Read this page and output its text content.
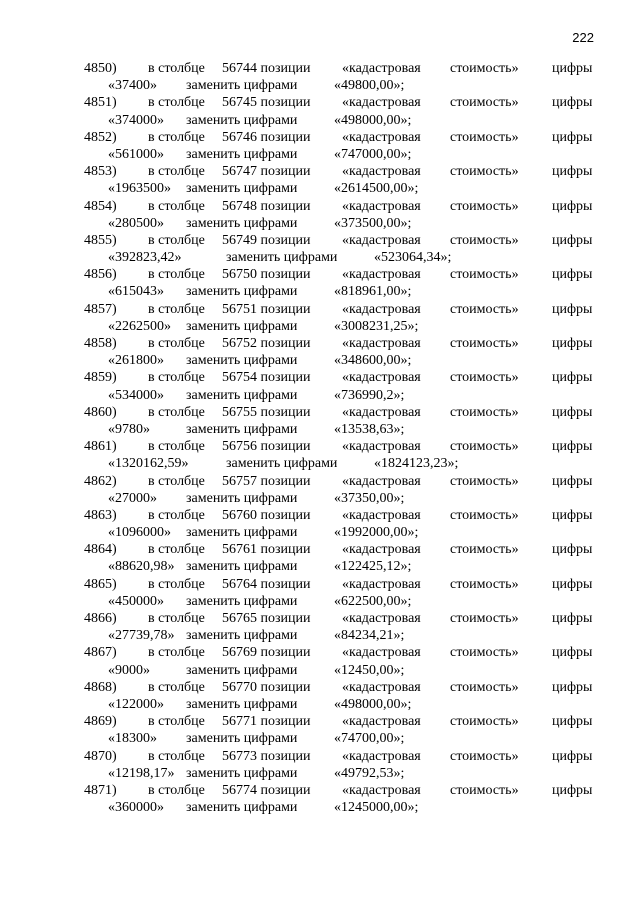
222
4850) в столбце 56744 позиции «кадастровая стоимость» цифры
«37400» заменить цифрами	«49800,00»;
4851) в столбце 56745 позиции «кадастровая стоимость» цифры
«374000» заменить цифрами	«498000,00»;
4852) в столбце 56746 позиции «кадастровая стоимость» цифры
«561000» заменить цифрами	«747000,00»;
4853) в столбце 56747 позиции «кадастровая стоимость» цифры
«1963500» заменить цифрами	«2614500,00»;
4854) в столбце 56748 позиции «кадастровая стоимость» цифры
«280500» заменить цифрами	«373500,00»;
4855) в столбце 56749 позиции «кадастровая стоимость» цифры
«392823,42»	заменить цифрами	«523064,34»;
4856) в столбце 56750 позиции «кадастровая стоимость» цифры
«615043» заменить цифрами	«818961,00»;
4857) в столбце 56751 позиции «кадастровая стоимость» цифры
«2262500» заменить цифрами	«3008231,25»;
4858) в столбце 56752 позиции «кадастровая стоимость» цифры
«261800» заменить цифрами	«348600,00»;
4859) в столбце 56754 позиции «кадастровая стоимость» цифры
«534000» заменить цифрами	«736990,2»;
4860) в столбце 56755 позиции «кадастровая стоимость» цифры
«9780»	заменить цифрами	«13538,63»;
4861) в столбце 56756 позиции «кадастровая стоимость» цифры
«1320162,59»	заменить цифрами	«1824123,23»;
4862) в столбце 56757 позиции «кадастровая стоимость» цифры
«27000» заменить цифрами	«37350,00»;
4863) в столбце 56760 позиции «кадастровая стоимость» цифры
«1096000» заменить цифрами	«1992000,00»;
4864) в столбце 56761 позиции «кадастровая стоимость» цифры
«88620,98» заменить цифрами	«122425,12»;
4865) в столбце 56764 позиции «кадастровая стоимость» цифры
«450000» заменить цифрами	«622500,00»;
4866) в столбце 56765 позиции «кадастровая стоимость» цифры
«27739,78» заменить цифрами	«84234,21»;
4867) в столбце 56769 позиции «кадастровая стоимость» цифры
«9000»	заменить цифрами	«12450,00»;
4868) в столбце 56770 позиции «кадастровая стоимость» цифры
«122000» заменить цифрами	«498000,00»;
4869) в столбце 56771 позиции «кадастровая стоимость» цифры
«18300» заменить цифрами	«74700,00»;
4870) в столбце 56773 позиции «кадастровая стоимость» цифры
«12198,17» заменить цифрами	«49792,53»;
4871) в столбце 56774 позиции «кадастровая стоимость» цифры
«360000» заменить цифрами	«1245000,00»;
